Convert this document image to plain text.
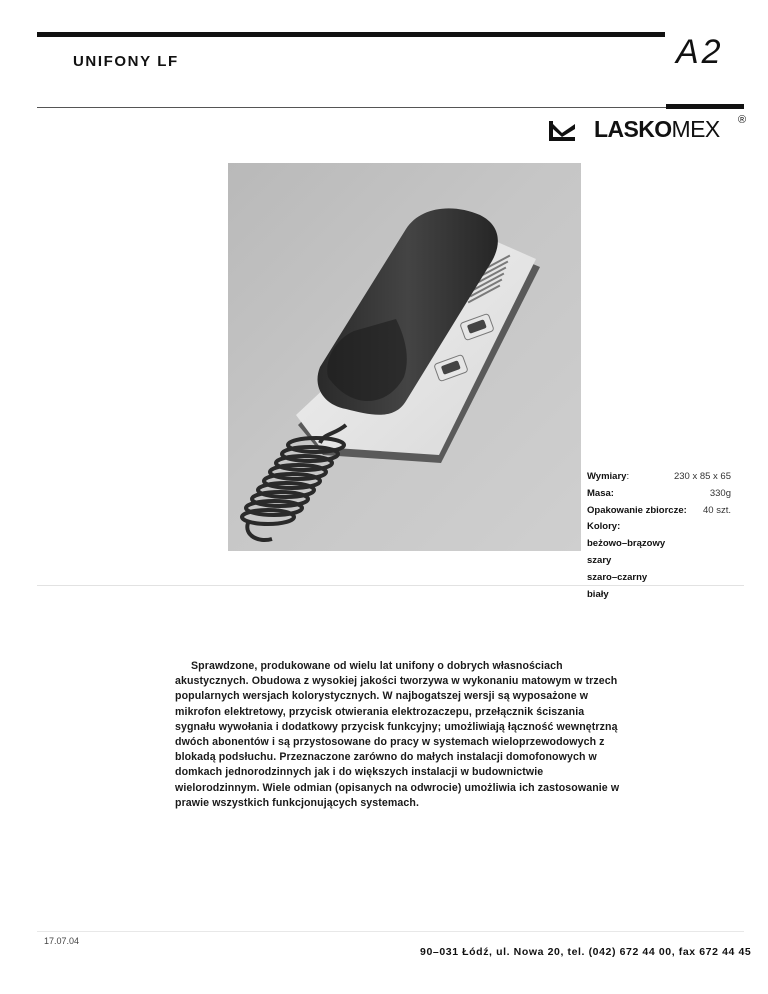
UNIFONY LF	A2
LASKOMEX ®
Wymiary:	230 x 85 x 65
Masa:	330g
Opakowanie zbiorcze: 40 szt.
Kolory:
beżowo–brązowy
szary
szaro–czarny
biały
Sprawdzone, produkowane od wielu lat unifony o dobrych własnościach akustycznych. Obudowa z wysokiej jakości tworzywa w wykonaniu matowym w trzech popularnych wersjach kolorystycznych. W najbogatszej wersji są wyposażone w mikrofon elektretowy, przycisk otwierania elektrozaczepu, przełącznik ściszania sygnału wywołania i dodatkowy przycisk funkcyjny; umożliwiają łączność wewnętrzną dwóch abonentów i są przystosowane do pracy w systemach wieloprzewodowych z blokadą podsłuchu. Przeznaczone zarówno do małych instalacji domofonowych w domkach jednorodzinnych jak i do większych instalacji w budownictwie wielorodzinnym. Wiele odmian (opisanych na odwrocie) umożliwia ich zastosowanie w prawie wszystkich funkcjonujących systemach.
17.07.04
90–031 Łódź, ul. Nowa 20, tel. (042) 672 44 00, fax 672 44 45
